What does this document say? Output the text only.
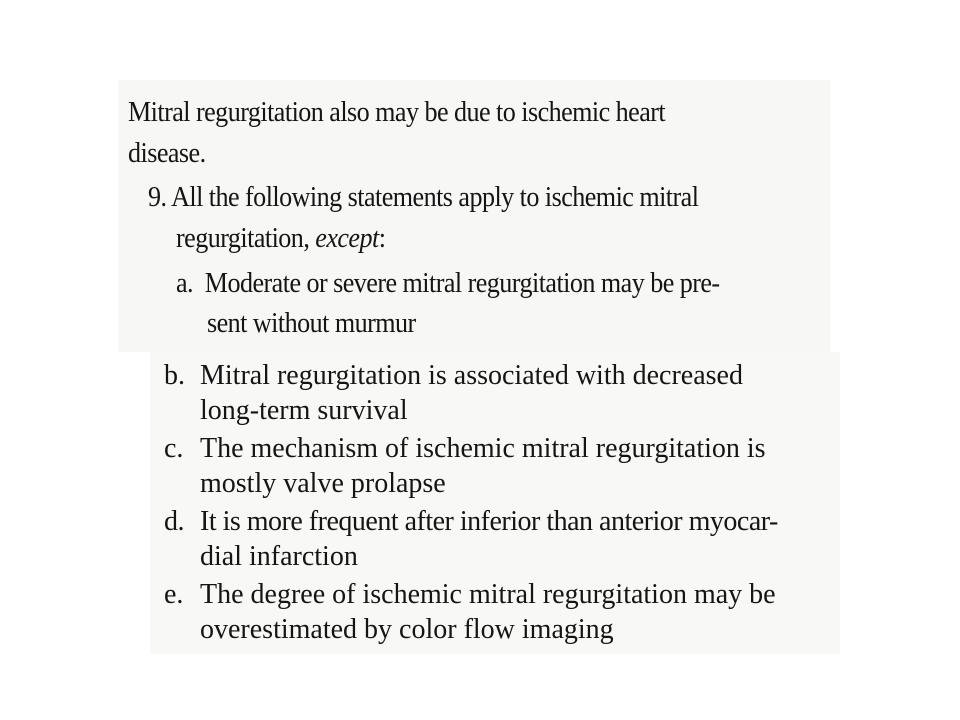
Mitral regurgitation also may be due to ischemic heart
disease.
9. All the following statements apply to ischemic mitral
regurgitation, except:
a. Moderate or severe mitral regurgitation may be pre-
sent without murmur
b. Mitral regurgitation is associated with decreased
long-term survival
c. The mechanism of ischemic mitral regurgitation is
mostly valve prolapse
d. It is more frequent after inferior than anterior myocar-
dial infarction
e. The degree of ischemic mitral regurgitation may be
overestimated by color flow imaging
